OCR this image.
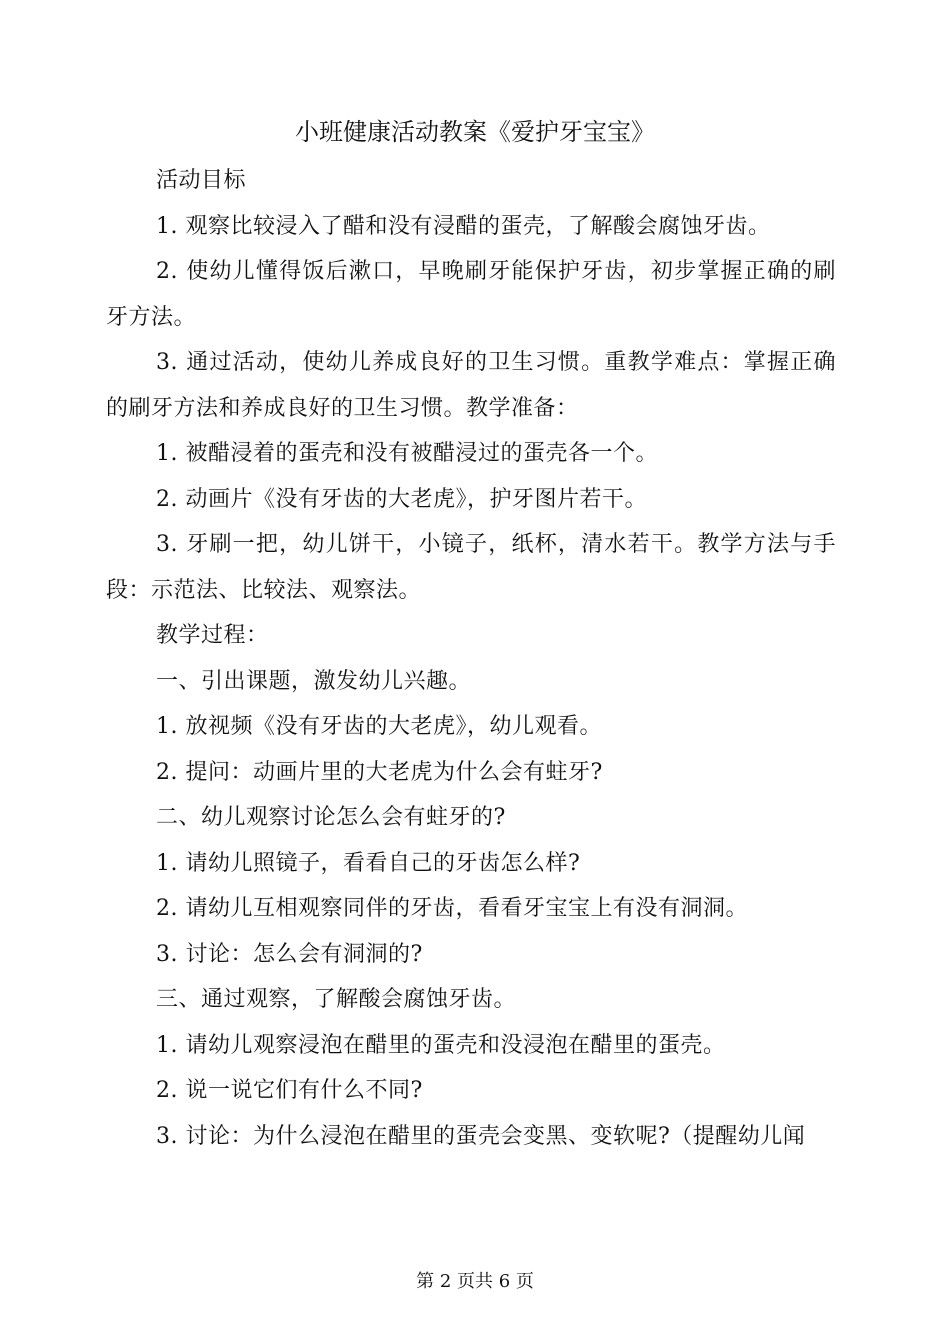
小班健康活动教案《爱护牙宝宝》

活动目标

1. 观察比较浸入了醋和没有浸醋的蛋壳，了解酸会腐蚀牙齿。

2. 使幼儿懂得饭后漱口，早晚刷牙能保护牙齿，初步掌握正确的刷牙方法。

3. 通过活动，使幼儿养成良好的卫生习惯。重教学难点：掌握正确的刷牙方法和养成良好的卫生习惯。教学准备：

1. 被醋浸着的蛋壳和没有被醋浸过的蛋壳各一个。

2. 动画片《没有牙齿的大老虎》，护牙图片若干。

3. 牙刷一把，幼儿饼干，小镜子，纸杯，清水若干。教学方法与手段：示范法、比较法、观察法。

教学过程：

一、引出课题，激发幼儿兴趣。

1. 放视频《没有牙齿的大老虎》，幼儿观看。

2. 提问：动画片里的大老虎为什么会有蛀牙?

二、幼儿观察讨论怎么会有蛀牙的?

1. 请幼儿照镜子，看看自己的牙齿怎么样?

2. 请幼儿互相观察同伴的牙齿，看看牙宝宝上有没有洞洞。

3. 讨论：怎么会有洞洞的?

三、通过观察，了解酸会腐蚀牙齿。

1. 请幼儿观察浸泡在醋里的蛋壳和没浸泡在醋里的蛋壳。

2. 说一说它们有什么不同?

3. 讨论：为什么浸泡在醋里的蛋壳会变黑、变软呢?（提醒幼儿闻

第 2 页共 6 页
